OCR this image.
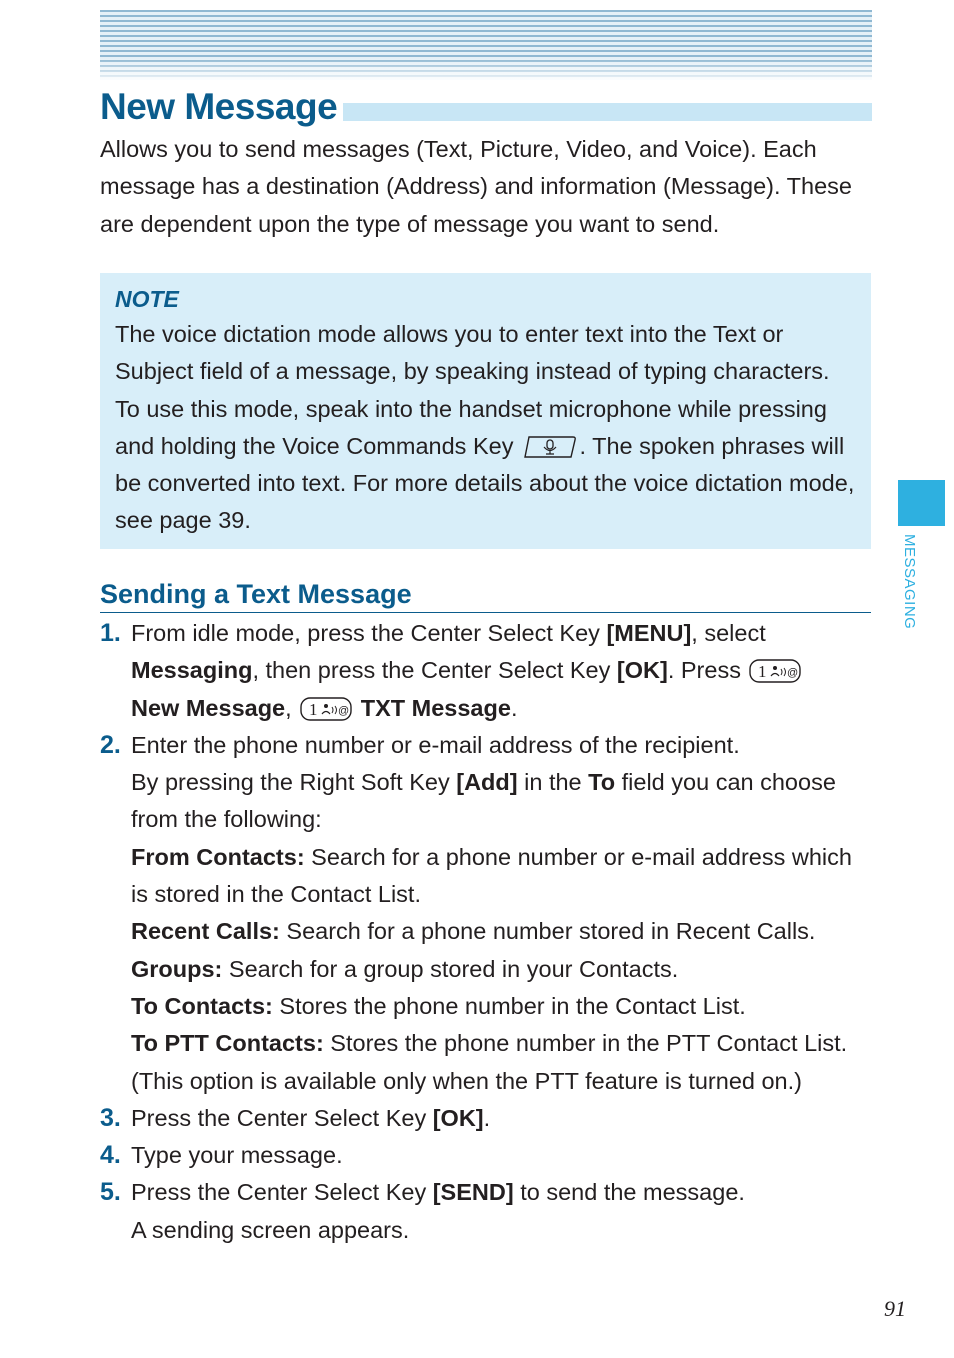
New Message

Allows you to send messages (Text, Picture, Video, and Voice). Each message has a destination (Address) and information (Message). These are dependent upon the type of message you want to send.

NOTE

The voice dictation mode allows you to enter text into the Text or Subject field of a message, by speaking instead of typing characters. To use this mode, speak into the handset microphone while pressing and holding the Voice Commands Key	. The spoken phrases will be converted into text. For more details about the voice dictation mode, see page 39.

Sending a Text Message
1. From idle mode, press the Center Select Key [MENU], select
Messaging, then press the Center Select Key [OK]. Press 1 @

New Message, 1 @ TXT Message.
2. Enter the phone number or e-mail address of the recipient.
By pressing the Right Soft Key [Add] in the To field you can choose from the following:
From Contacts: Search for a phone number or e-mail address which is stored in the Contact List.
Recent Calls: Search for a phone number stored in Recent Calls.
Groups: Search for a group stored in your Contacts.
To Contacts: Stores the phone number in the Contact List.
To PTT Contacts: Stores the phone number in the PTT Contact List. (This option is available only when the PTT feature is turned on.)
3. Press the Center Select Key [OK].
4. Type your message.
5. Press the Center Select Key [SEND] to send the message.
A sending screen appears.
MESSAGING
91
